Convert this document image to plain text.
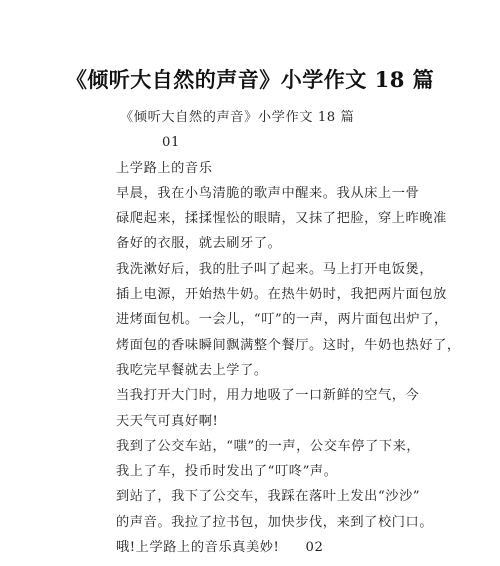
《倾听大自然的声音》小学作文 18 篇
《倾听大自然的声音》小学作文 18 篇
01
上学路上的音乐
早晨，我在小鸟清脆的歌声中醒来。我从床上一骨
碌爬起来，揉揉惺忪的眼睛，又抹了把脸，穿上昨晚准
备好的衣服，就去刷牙了。
我洗漱好后，我的肚子叫了起来。马上打开电饭煲，
插上电源，开始热牛奶。在热牛奶时，我把两片面包放
进烤面包机。一会儿，“叮”的一声，两片面包出炉了，
烤面包的香味瞬间飘满整个餐厅。这时，牛奶也热好了，
我吃完早餐就去上学了。
当我打开大门时，用力地吸了一口新鲜的空气，今
天天气可真好啊!
我到了公交车站，“嗤”的一声，公交车停了下来，
我上了车，投币时发出了“叮咚”声。
到站了，我下了公交车，我踩在落叶上发出“沙沙”
的声音。我拉了拉书包，加快步伐，来到了校门口。
哦!上学路上的音乐真美妙! 02
